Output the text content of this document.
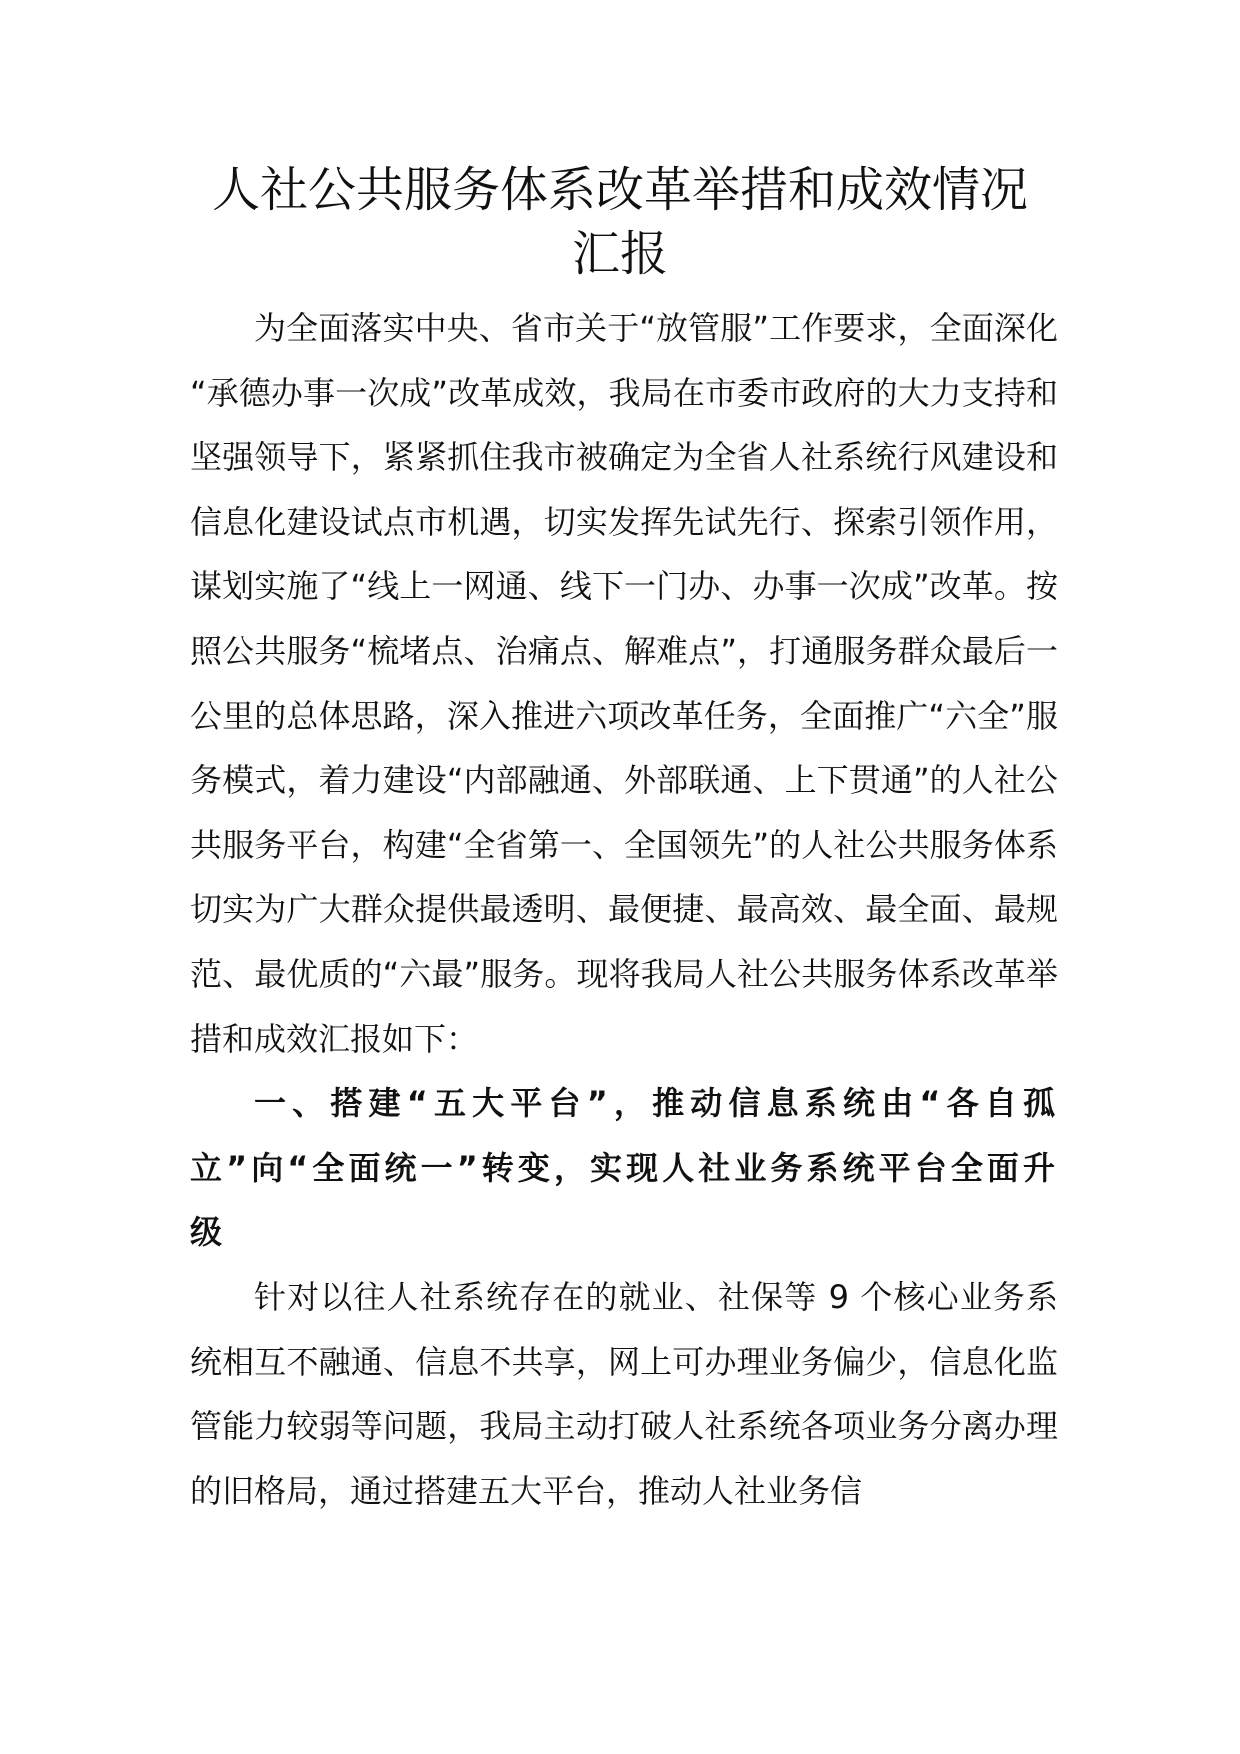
人社公共服务体系改革举措和成效情况汇报

为全面落实中央、省市关于“放管服”工作要求，全面深化 “承德办事一次成”改革成效，我局在市委市政府的大力支持和坚强领导下，紧紧抓住我市被确定为全省人社系统行风建设和信息化建设试点市机遇，切实发挥先试先行、探索引领作用，谋划实施了“线上一网通、线下一门办、办事一次成”改革。按照公共服务“梳堵点、治痛点、解难点”，打通服务群众最后一公里的总体思路，深入推进六项改革任务，全面推广“六全”服务模式，着力建设“内部融通、外部联通、上下贯通”的人社公共服务平台，构建“全省第一、全国领先”的人社公共服务体系切实为广大群众提供最透明、最便捷、最高效、最全面、最规范、最优质的“六最”服务。现将我局人社公共服务体系改革举措和成效汇报如下：

一、搭建“五大平台”，推动信息系统由“各自孤立”向“全面统一”转变，实现人社业务系统平台全面升级

针对以往人社系统存在的就业、社保等 9 个核心业务系统相互不融通、信息不共享，网上可办理业务偏少，信息化监管能力较弱等问题，我局主动打破人社系统各项业务分离办理的旧格局，通过搭建五大平台，推动人社业务信
